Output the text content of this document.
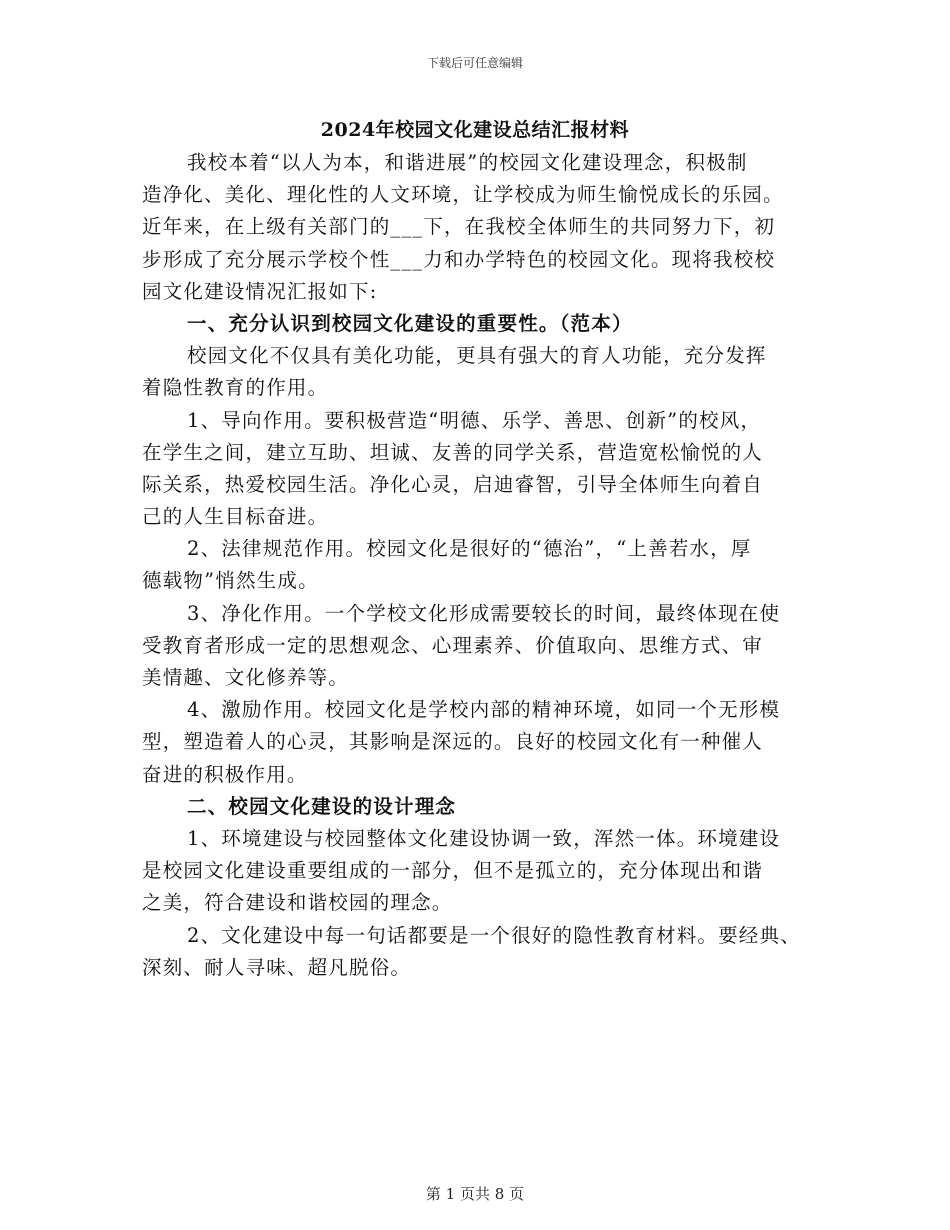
下载后可任意编辑
2024年校园文化建设总结汇报材料
我校本着“以人为本，和谐进展”的校园文化建设理念，积极制
造净化、美化、理化性的人文环境，让学校成为师生愉悦成长的乐园。
近年来，在上级有关部门的___下，在我校全体师生的共同努力下，初
步形成了充分展示学校个性___力和办学特色的校园文化。现将我校校
园文化建设情况汇报如下:
一、充分认识到校园文化建设的重要性。（范本）
校园文化不仅具有美化功能，更具有强大的育人功能，充分发挥
着隐性教育的作用。
1、导向作用。要积极营造“明德、乐学、善思、创新”的校风，
在学生之间，建立互助、坦诚、友善的同学关系，营造宽松愉悦的人
际关系，热爱校园生活。净化心灵，启迪睿智，引导全体师生向着自
己的人生目标奋进。
2、法律规范作用。校园文化是很好的“德治”，“上善若水，厚
德载物”悄然生成。
3、净化作用。一个学校文化形成需要较长的时间，最终体现在使
受教育者形成一定的思想观念、心理素养、价值取向、思维方式、审
美情趣、文化修养等。
4、激励作用。校园文化是学校内部的精神环境，如同一个无形模
型，塑造着人的心灵，其影响是深远的。良好的校园文化有一种催人
奋进的积极作用。
二、校园文化建设的设计理念
1、环境建设与校园整体文化建设协调一致，浑然一体。环境建设
是校园文化建设重要组成的一部分，但不是孤立的，充分体现出和谐
之美，符合建设和谐校园的理念。
2、文化建设中每一句话都要是一个很好的隐性教育材料。要经典、
深刻、耐人寻味、超凡脱俗。
第 1 页共 8 页
